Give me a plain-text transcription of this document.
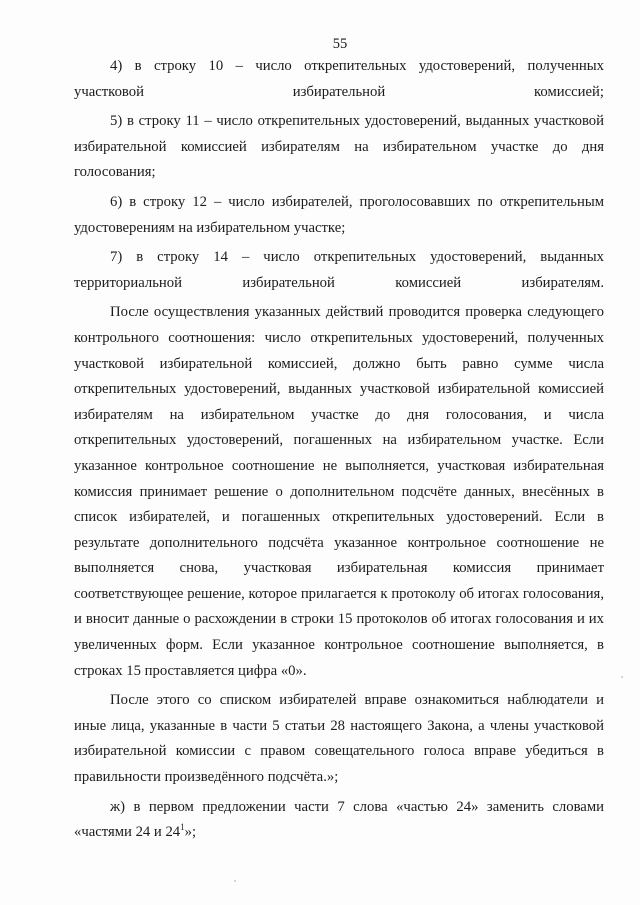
55

4) в строку 10 – число открепительных удостоверений, полученных участковой избирательной комиссией;

5) в строку 11 – число открепительных удостоверений, выданных участковой избирательной комиссией избирателям на избирательном участке до дня голосования;

6) в строку 12 – число избирателей, проголосовавших по открепительным удостоверениям на избирательном участке;

7) в строку 14 – число открепительных удостоверений, выданных территориальной избирательной комиссией избирателям.

После осуществления указанных действий проводится проверка следующего контрольного соотношения: число открепительных удостоверений, полученных участковой избирательной комиссией, должно быть равно сумме числа открепительных удостоверений, выданных участковой избирательной комиссией избирателям на избирательном участке до дня голосования, и числа открепительных удостоверений, погашенных на избирательном участке. Если указанное контрольное соотношение не выполняется, участковая избирательная комиссия принимает решение о дополнительном подсчёте данных, внесённых в список избирателей, и погашенных открепительных удостоверений. Если в результате дополнительного подсчёта указанное контрольное соотношение не выполняется снова, участковая избирательная комиссия принимает соответствующее решение, которое прилагается к протоколу об итогах голосования, и вносит данные о расхождении в строки 15 протоколов об итогах голосования и их увеличенных форм. Если указанное контрольное соотношение выполняется, в строках 15 проставляется цифра «0».

После этого со списком избирателей вправе ознакомиться наблюдатели и иные лица, указанные в части 5 статьи 28 настоящего Закона, а члены участковой избирательной комиссии с правом совещательного голоса вправе убедиться в правильности произведённого подсчёта.»;

ж) в первом предложении части 7 слова «частью 24» заменить словами «частями 24 и $24^1$»;
